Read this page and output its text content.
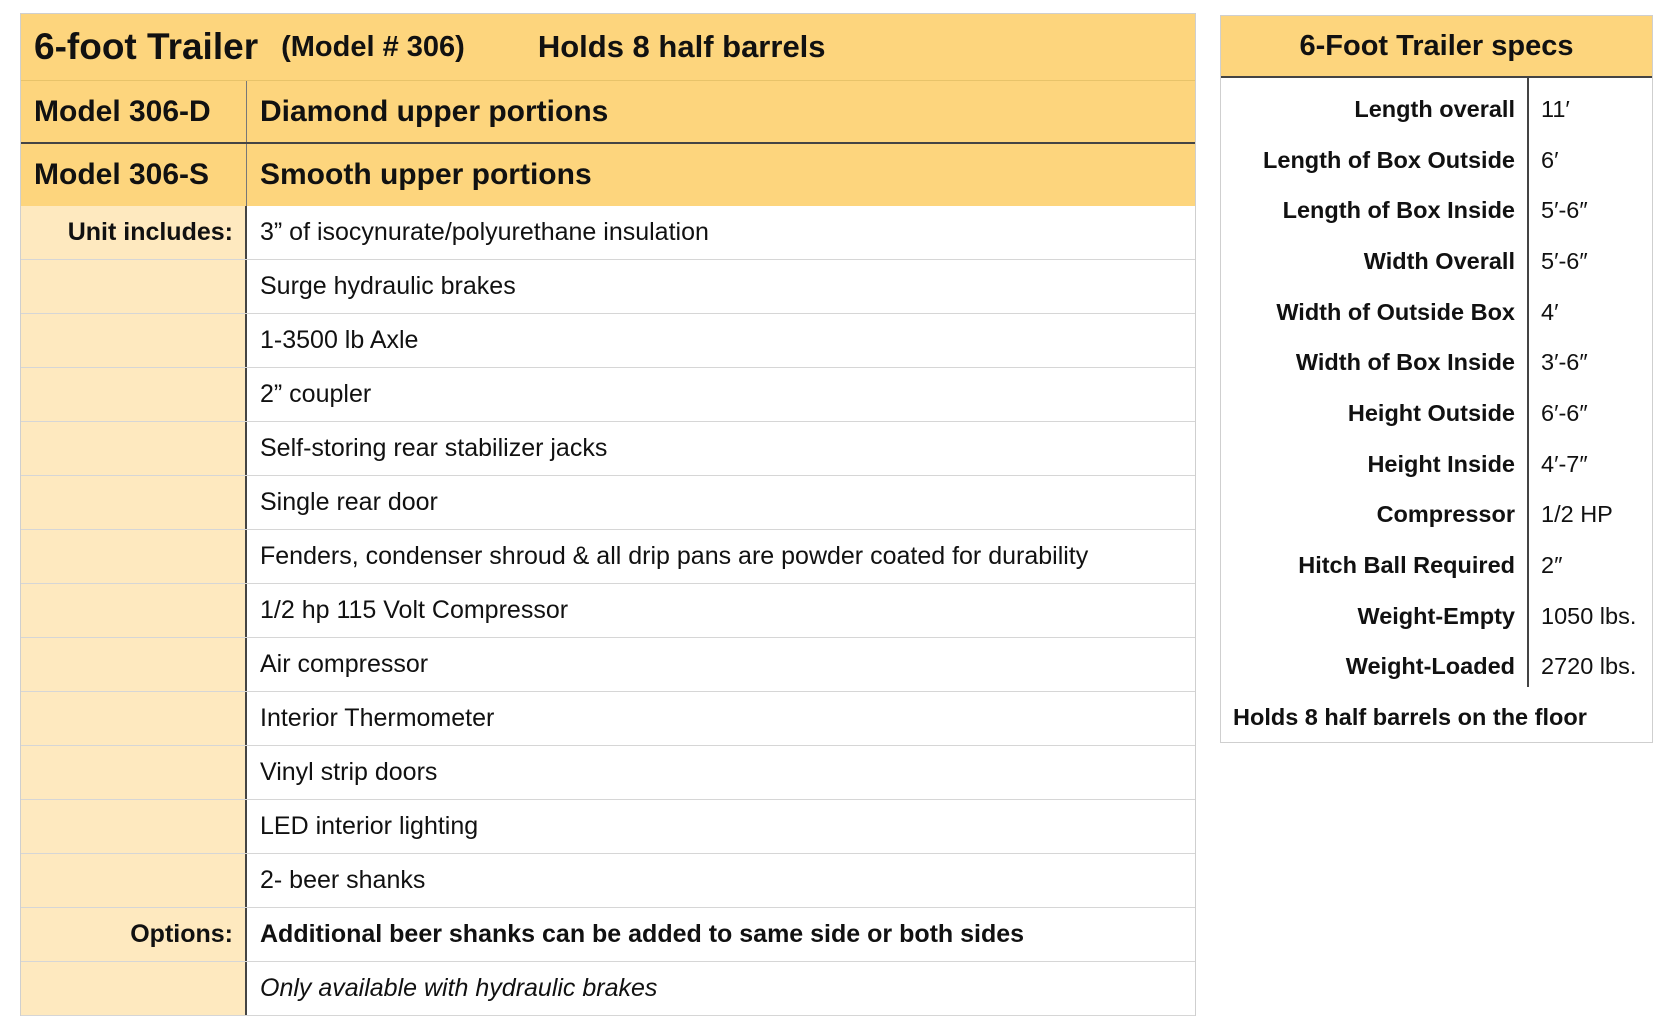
6-foot Trailer (Model # 306) Holds 8 half barrels
Model 306-D	Diamond upper portions
Model 306-S	Smooth upper portions
Unit includes:	3” of isocynurate/polyurethane insulation
Surge hydraulic brakes
1-3500 lb Axle
2” coupler
Self-storing rear stabilizer jacks
Single rear door
Fenders, condenser shroud & all drip pans are powder coated for durability
1/2 hp 115 Volt Compressor
Air compressor
Interior Thermometer
Vinyl strip doors
LED interior lighting
2- beer shanks
Options:	Additional beer shanks can be added to same side or both sides
Only available with hydraulic brakes
6-Foot Trailer specs
Length overall	11′
Length of Box Outside	6′
Length of Box Inside	5′-6″
Width Overall	5′-6″
Width of Outside Box	4′
Width of Box Inside	3′-6″
Height Outside	6′-6″
Height Inside	4′-7″
Compressor	1/2 HP
Hitch Ball Required	2″
Weight-Empty	1050 lbs.
Weight-Loaded	2720 lbs.
Holds 8 half barrels on the floor
